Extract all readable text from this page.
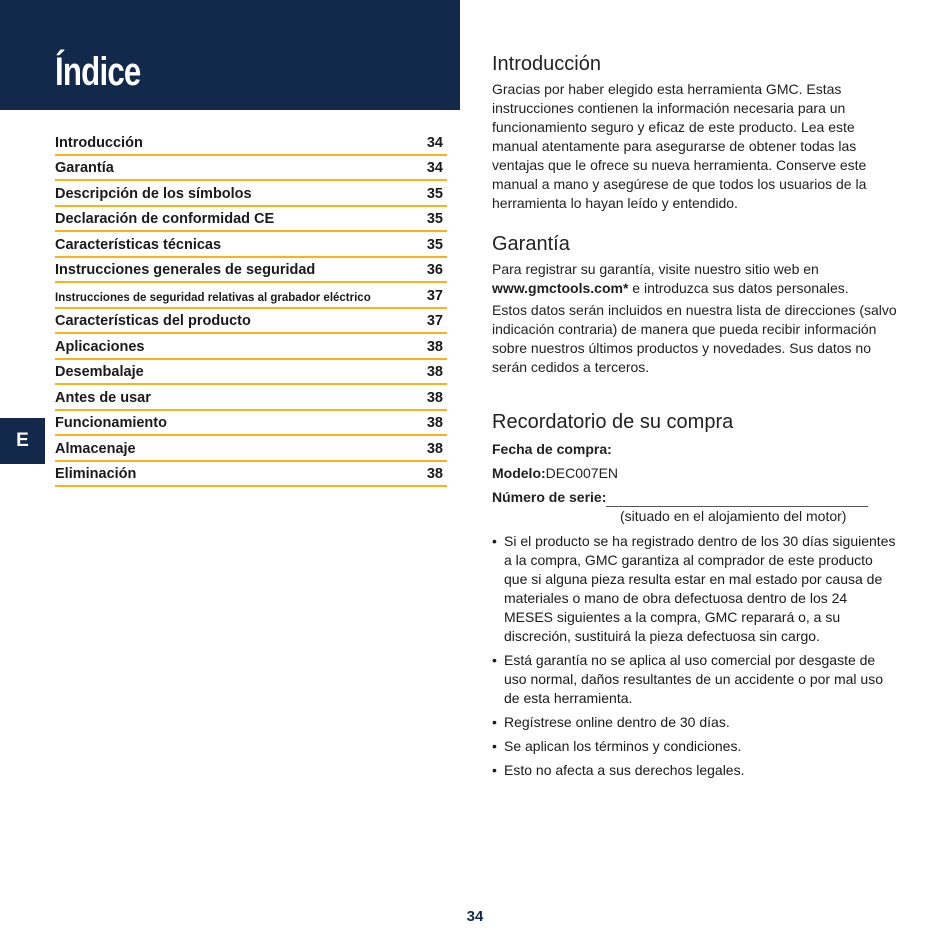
Índice
E
Introducción	34
Garantía	34
Descripción de los símbolos	35
Declaración de conformidad CE	35
Características técnicas	35
Instrucciones generales de seguridad	36
Instrucciones de seguridad relativas al grabador eléctrico	37
Características del producto	37
Aplicaciones	38
Desembalaje	38
Antes de usar	38
Funcionamiento	38
Almacenaje	38
Eliminación	38
Introducción

Gracias por haber elegido esta herramienta GMC. Estas instrucciones contienen la información necesaria para un funcionamiento seguro y eficaz de este producto. Lea este manual atentamente para asegurarse de obtener todas las ventajas que le ofrece su nueva herramienta. Conserve este manual a mano y asegúrese de que todos los usuarios de la herramienta lo hayan leído y entendido.

Garantía

Para registrar su garantía, visite nuestro sitio web en
www.gmctools.com* e introduzca sus datos personales.

Estos datos serán incluidos en nuestra lista de direcciones (salvo indicación contraria) de manera que pueda recibir información sobre nuestros últimos productos y novedades. Sus datos no serán cedidos a terceros.

Recordatorio de su compra
Fecha de compra:
Modelo:DEC007EN
Número de serie:
(situado en el alojamiento del motor)
• Si el producto se ha registrado dentro de los 30 días siguientes a la compra, GMC garantiza al comprador de este producto que si alguna pieza resulta estar en mal estado por causa de materiales o mano de obra defectuosa dentro de los 24 MESES siguientes a la compra, GMC reparará o, a su discreción, sustituirá la pieza defectuosa sin cargo.
• Está garantía no se aplica al uso comercial por desgaste de uso normal, daños resultantes de un accidente o por mal uso de esta herramienta.
• Regístrese online dentro de 30 días.
• Se aplican los términos y condiciones.
• Esto no afecta a sus derechos legales.
34
